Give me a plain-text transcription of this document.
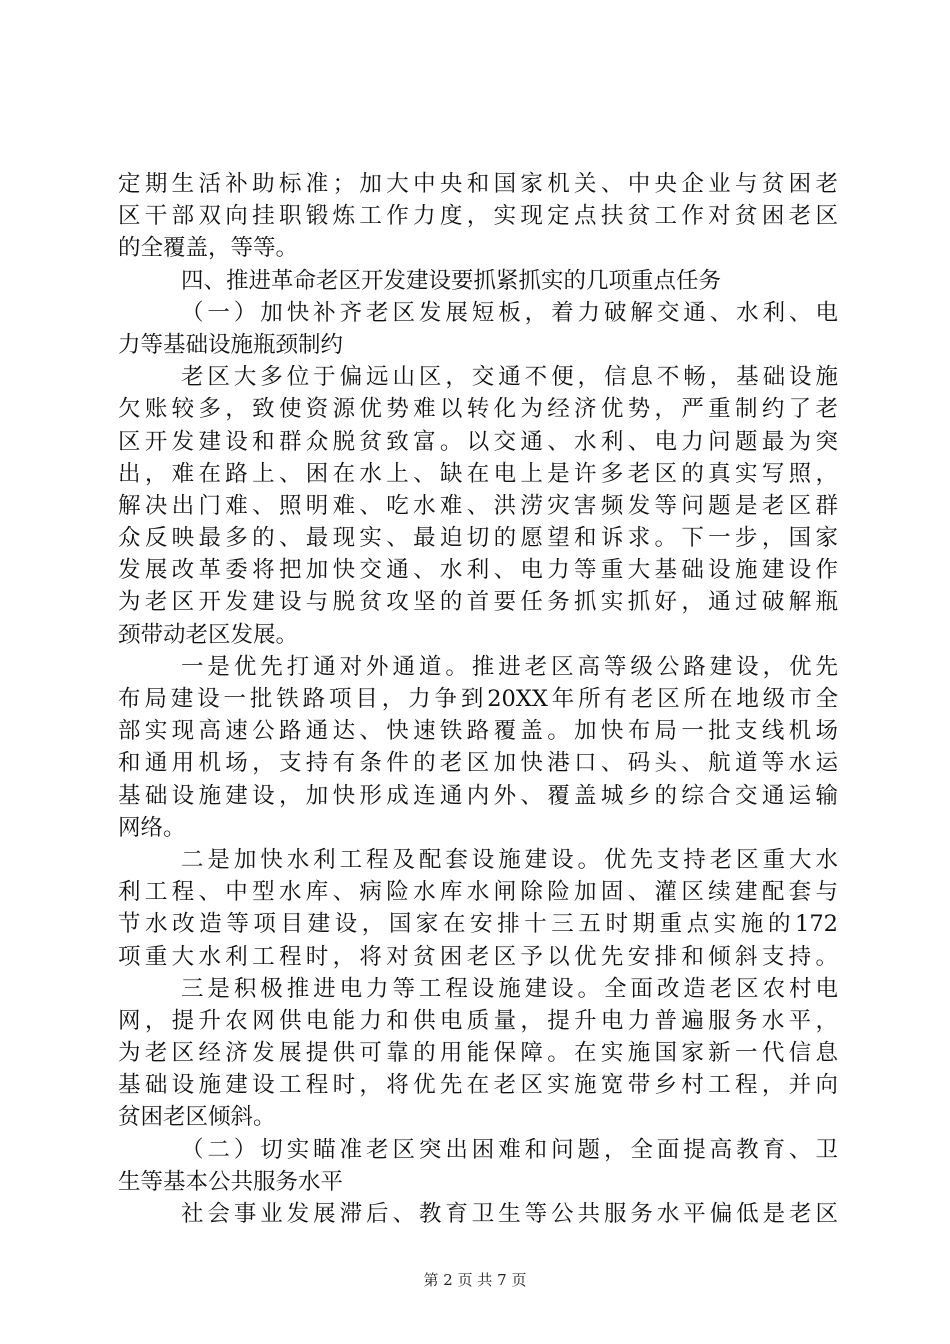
定期生活补助标准；加大中央和国家机关、中央企业与贫困老
区干部双向挂职锻炼工作力度，实现定点扶贫工作对贫困老区
的全覆盖，等等。
四、推进革命老区开发建设要抓紧抓实的几项重点任务
（一）加快补齐老区发展短板，着力破解交通、水利、电
力等基础设施瓶颈制约
老区大多位于偏远山区，交通不便，信息不畅，基础设施
欠账较多，致使资源优势难以转化为经济优势，严重制约了老
区开发建设和群众脱贫致富。以交通、水利、电力问题最为突
出，难在路上、困在水上、缺在电上是许多老区的真实写照，
解决出门难、照明难、吃水难、洪涝灾害频发等问题是老区群
众反映最多的、最现实、最迫切的愿望和诉求。下一步，国家
发展改革委将把加快交通、水利、电力等重大基础设施建设作
为老区开发建设与脱贫攻坚的首要任务抓实抓好，通过破解瓶
颈带动老区发展。
一是优先打通对外通道。推进老区高等级公路建设，优先
布局建设一批铁路项目，力争到20XX年所有老区所在地级市全
部实现高速公路通达、快速铁路覆盖。加快布局一批支线机场
和通用机场，支持有条件的老区加快港口、码头、航道等水运
基础设施建设，加快形成连通内外、覆盖城乡的综合交通运输
网络。
二是加快水利工程及配套设施建设。优先支持老区重大水
利工程、中型水库、病险水库水闸除险加固、灌区续建配套与
节水改造等项目建设，国家在安排十三五时期重点实施的172
项重大水利工程时，将对贫困老区予以优先安排和倾斜支持。
三是积极推进电力等工程设施建设。全面改造老区农村电
网，提升农网供电能力和供电质量，提升电力普遍服务水平，
为老区经济发展提供可靠的用能保障。在实施国家新一代信息
基础设施建设工程时，将优先在老区实施宽带乡村工程，并向
贫困老区倾斜。
（二）切实瞄准老区突出困难和问题，全面提高教育、卫
生等基本公共服务水平
社会事业发展滞后、教育卫生等公共服务水平偏低是老区
第 2 页 共 7 页
